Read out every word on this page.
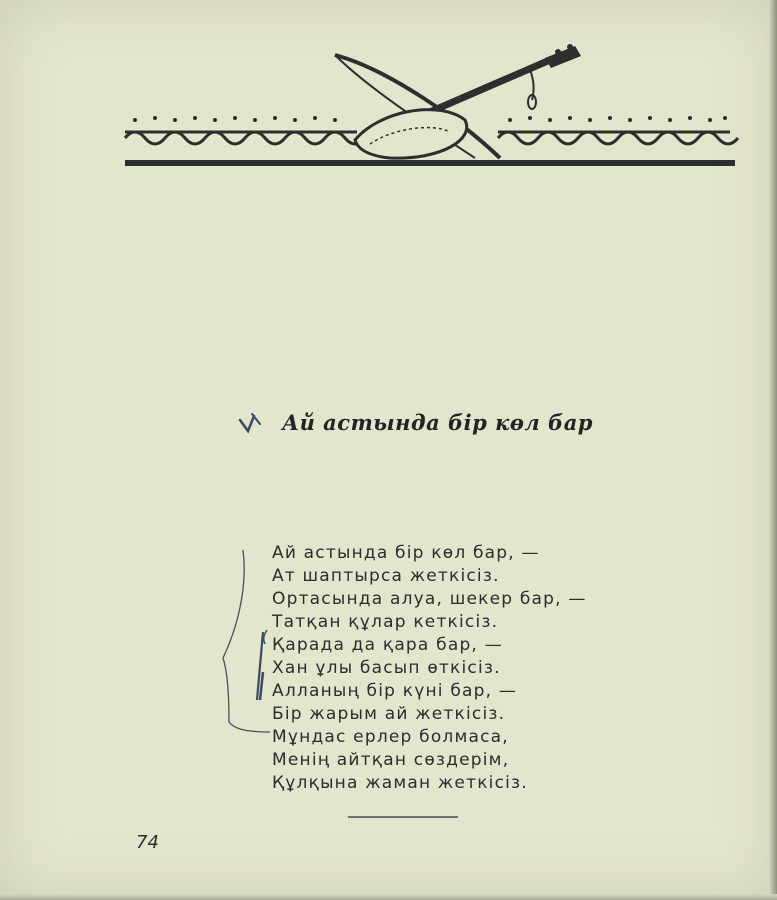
Ай астында бір көл бар
Ай астында бір көл бар, —
Ат шаптырса жеткісіз.
Ортасында алуа, шекер бар, —
Татқан құлар кеткісіз.
Қарада да қара бар, —
Хан ұлы басып өткісіз.
Алланың бір күні бар, —
Бір жарым ай жеткісіз.
Мұндас ерлер болмаса,
Менің айтқан сөздерім,
Құлқына жаман жеткісіз.
74
